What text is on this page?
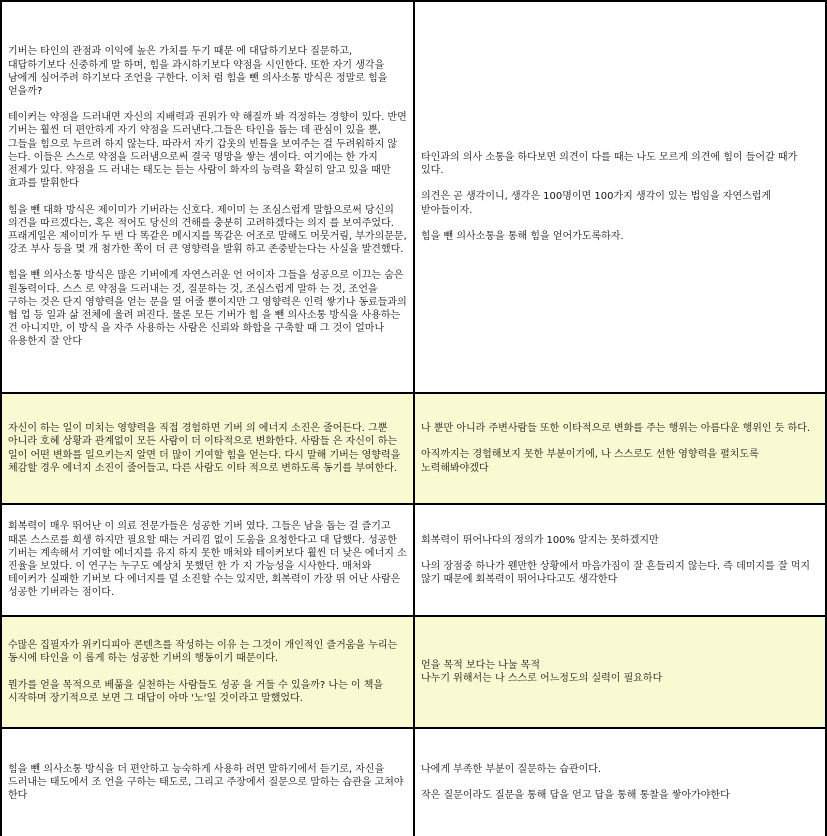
기버는 타인의 관점과 이익에 높은 가치를 두기 때문 에 대답하기보다 질문하고, 대답하기보다 신중하게 말 하며, 힘을 과시하기보다 약점을 시인한다. 또한 자기 생각을 남에게 심어주려 하기보다 조언을 구한다. 이처 럼 힘을 뺀 의사소통 방식은 정말로 힘을 얻을까?

테이커는 약점을 드러내면 자신의 지배력과 권위가 약 해질까 봐 걱정하는 경향이 있다. 반면 기버는 훨씬 더 편안하게 자기 약점을 드러낸다.그들은 타인을 돕는 데 관심이 있을 뿐, 그들을 힘으로 누르려 하지 않는다. 따라서 자기 갑옷의 빈틈을 보여주는 걸 두려워하지 않 는다. 이들은 스스로 약점을 드러냄으로써 결국 명망을 쌓는 셈이다. 여기에는 한 가지 전제가 있다. 약점을 드 러내는 태도는 듣는 사람이 화자의 능력을 확실히 알고 있을 때만 효과를 발휘한다

힘을 뺀 대화 방식은 제이미가 기버라는 신호다. 제이미 는 조심스럽게 말함으로써 당신의 의견을 따르겠다는, 혹은 적어도 당신의 견해를 충분히 고려하겠다는 의지 를 보여주었다. 프래게일은 제이미가 두 번 다 똑같은 메시지를 똑같은 어조로 말해도 머뭇거림, 부가의문문, 강조 부사 등을 몇 개 첨가한 쪽이 더 큰 영향력을 발휘 하고 존중받는다는 사실을 발견했다.

힘을 뺀 의사소통 방식은 많은 기버에게 자연스러운 언 어이자 그들을 성공으로 이끄는 숨은 원동력이다. 스스 로 약점을 드러내는 것, 질문하는 것, 조심스럽게 말하 는 것, 조언을 구하는 것은 단지 영향력을 얻는 문을 열 어줄 뿐이지만 그 영향력은 인력 쌓기나 동료들과의 협 업 등 일과 삶 전체에 울려 퍼진다. 물론 모든 기버가 힘 을 뺀 의사소통 방식을 사용하는 건 아니지만, 이 방식 을 자주 사용하는 사람은 신뢰와 화합을 구축할 때 그 것이 얼마나 유용한지 잘 안다

타인과의 의사 소통을 하다보면 의견이 다를 때는 나도 모르게 의견에 힘이 들어갈 때가 있다.

의견은 곧 생각이니, 생각은 100명이면 100가지 생각이 있는 법임을 자연스럽게 받아들이자.

힘을 뺀 의사소통을 통해 힘을 얻어가도록하자.

자신이 하는 일이 미치는 영향력을 직접 경험하면 기버 의 에너지 소진은 줄어든다. 그뿐 아니라 호혜 상황과 관계없이 모든 사람이 더 이타적으로 변화한다. 사람들 은 자신이 하는 일이 어떤 변화를 일으키는지 알면 더 많이 기여할 힘을 얻는다. 다시 말해 기버는 영향력을 체감할 경우 에너지 소진이 줄어들고, 다른 사람도 이타 적으로 변하도록 동기를 부여한다.

나 뿐만 아니라 주변사람들 또한 이타적으로 변화를 주는 행위는 아름다운 행위인 듯 하다.

아직까지는 경험해보지 못한 부분이기에, 나 스스로도 선한 영향력을 펼치도록 노력해봐야겠다

회복력이 매우 뛰어난 이 의료 전문가들은 성공한 기버 였다. 그들은 남을 돕는 걸 즐기고 때론 스스로를 희생 하지만 필요할 때는 거리낌 없이 도움을 요청한다고 대 답했다. 성공한 기버는 계속해서 기여할 에너지를 유지 하지 못한 매처와 테이커보다 훨씬 더 낮은 에너지 소 진율을 보였다. 이 연구는 누구도 예상치 못했던 한 가 지 가능성을 시사한다. 매처와 테이커가 실패한 기버보 다 에너지를 덜 소진할 수는 있지만, 회복력이 가장 뛰 어난 사람은 성공한 기버라는 점이다.

회복력이 뛰어나다의 정의가 100% 알지는 못하겠지만

나의 장점중 하나가 웬만한 상황에서 마음가짐이 잘 흔들리지 않는다. 즉 데미지를 잘 먹지 않기 때문에 회복력이 뛰어나다고도 생각한다

수많은 집필자가 위키디피아 콘텐츠를 작성하는 이유 는 그것이 개인적인 즐거움을 누리는 동시에 타인을 이 롭게 하는 성공한 기버의 행동이기 때문이다.

뭔가를 얻을 목적으로 베풂을 실천하는 사람들도 성공 을 거둘 수 있을까? 나는 이 책을 시작하며 장기적으로 보면 그 대답이 아마 '노'일 것이라고 말했었다.

얻을 목적 보다는 나눌 목적
나누기 위해서는 나 스스로 어느정도의 실력이 필요하다

힘을 뺀 의사소통 방식을 더 편안하고 능숙하게 사용하 려면 말하기에서 듣기로, 자신을 드러내는 태도에서 조 언을 구하는 태도로, 그리고 주장에서 질문으로 말하는 습관을 고쳐야 한다

나에게 부족한 부분이 질문하는 습관이다.

작은 질문이라도 질문을 통해 답을 얻고 답을 통해 통찰을 쌓아가야한다
